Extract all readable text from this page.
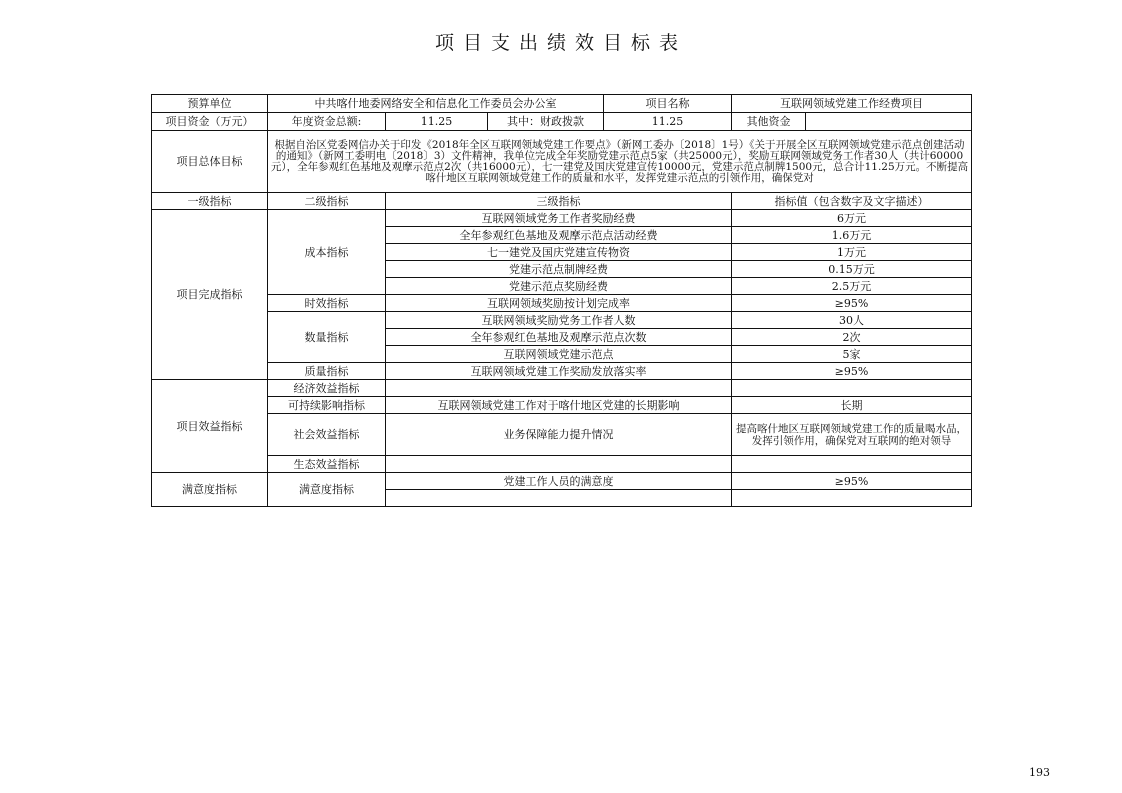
项目支出绩效目标表
预算单位	中共喀什地委网络安全和信息化工作委员会办公室			项目名称	互联网领域党建工作经费项目	
项目资金（万元）	年度资金总额:	11.25	其中：财政拨款	11.25	其他资金	
项目总体目标	根据自治区党委网信办关于印发《2018年全区互联网领域党建工作要点》（新网工委办〔2018〕1号）《关于开展全区互联网领域党建示范点创建活动的通知》（新网工委明电〔2018〕3）文件精神，我单位完成全年奖励党建示范点5家（共25000元），奖励互联网领域党务工作者30人（共计60000元），全年参观红色基地及观摩示范点2次（共16000元），七一建党及国庆党建宣传10000元，党建示范点制牌1500元，总合计11.25万元。不断提高喀什地区互联网领域党建工作的质量和水平，发挥党建示范点的引领作用，确保党对					
一级指标	二级指标	三级指标			指标值（包含数字及文字描述）	
项目完成指标	成本指标	互联网领域党务工作者奖励经费			6万元	
		全年参观红色基地及观摩示范点活动经费			1.6万元	
		七一建党及国庆党建宣传物资			1万元	
		党建示范点制牌经费			0.15万元	
		党建示范点奖励经费			2.5万元	
	时效指标	互联网领域奖励按计划完成率			≥95%	
	数量指标	互联网领域奖励党务工作者人数			30人	
		全年参观红色基地及观摩示范点次数			2次	
		互联网领域党建示范点			5家	
	质量指标	互联网领域党建工作奖励发放落实率			≥95%	
项目效益指标	经济效益指标					
	可持续影响指标	互联网领域党建工作对于喀什地区党建的长期影响			长期	
	社会效益指标	业务保障能力提升情况			提高喀什地区互联网领域党建工作的质量喝水品，发挥引领作用，确保党对互联网的绝对领导	
	生态效益指标					
满意度指标	满意度指标	党建工作人员的满意度			≥95%	

193
